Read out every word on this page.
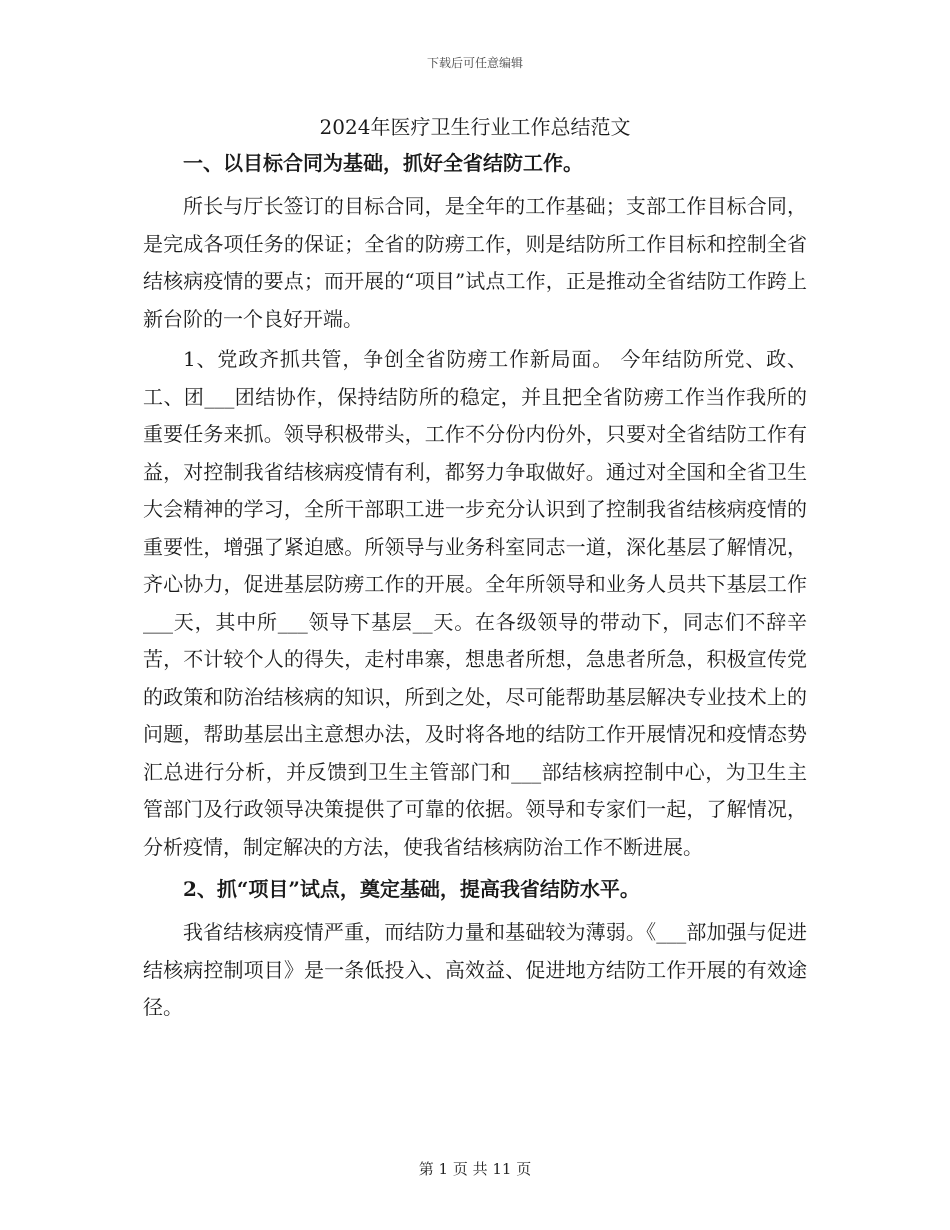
下载后可任意编辑
2024年医疗卫生行业工作总结范文
一、以目标合同为基础，抓好全省结防工作。

所长与厅长签订的目标合同，是全年的工作基础；支部工作目标合同，是完成各项任务的保证；全省的防痨工作，则是结防所工作目标和控制全省结核病疫情的要点；而开展的“项目”试点工作，正是推动全省结防工作跨上新台阶的一个良好开端。

1、党政齐抓共管，争创全省防痨工作新局面。 今年结防所党、政、工、团___团结协作，保持结防所的稳定，并且把全省防痨工作当作我所的重要任务来抓。领导积极带头，工作不分份内份外，只要对全省结防工作有益，对控制我省结核病疫情有利，都努力争取做好。通过对全国和全省卫生大会精神的学习，全所干部职工进一步充分认识到了控制我省结核病疫情的重要性，增强了紧迫感。所领导与业务科室同志一道，深化基层了解情况，齐心协力，促进基层防痨工作的开展。全年所领导和业务人员共下基层工作___天，其中所___领导下基层__天。在各级领导的带动下，同志们不辞辛苦，不计较个人的得失，走村串寨，想患者所想，急患者所急，积极宣传党的政策和防治结核病的知识，所到之处，尽可能帮助基层解决专业技术上的问题，帮助基层出主意想办法，及时将各地的结防工作开展情况和疫情态势汇总进行分析，并反馈到卫生主管部门和___部结核病控制中心，为卫生主管部门及行政领导决策提供了可靠的依据。领导和专家们一起，了解情况，分析疫情，制定解决的方法，使我省结核病防治工作不断进展。

2、抓“项目”试点，奠定基础，提高我省结防水平。

我省结核病疫情严重，而结防力量和基础较为薄弱。《___部加强与促进结核病控制项目》是一条低投入、高效益、促进地方结防工作开展的有效途径。

第 1 页 共 11 页
